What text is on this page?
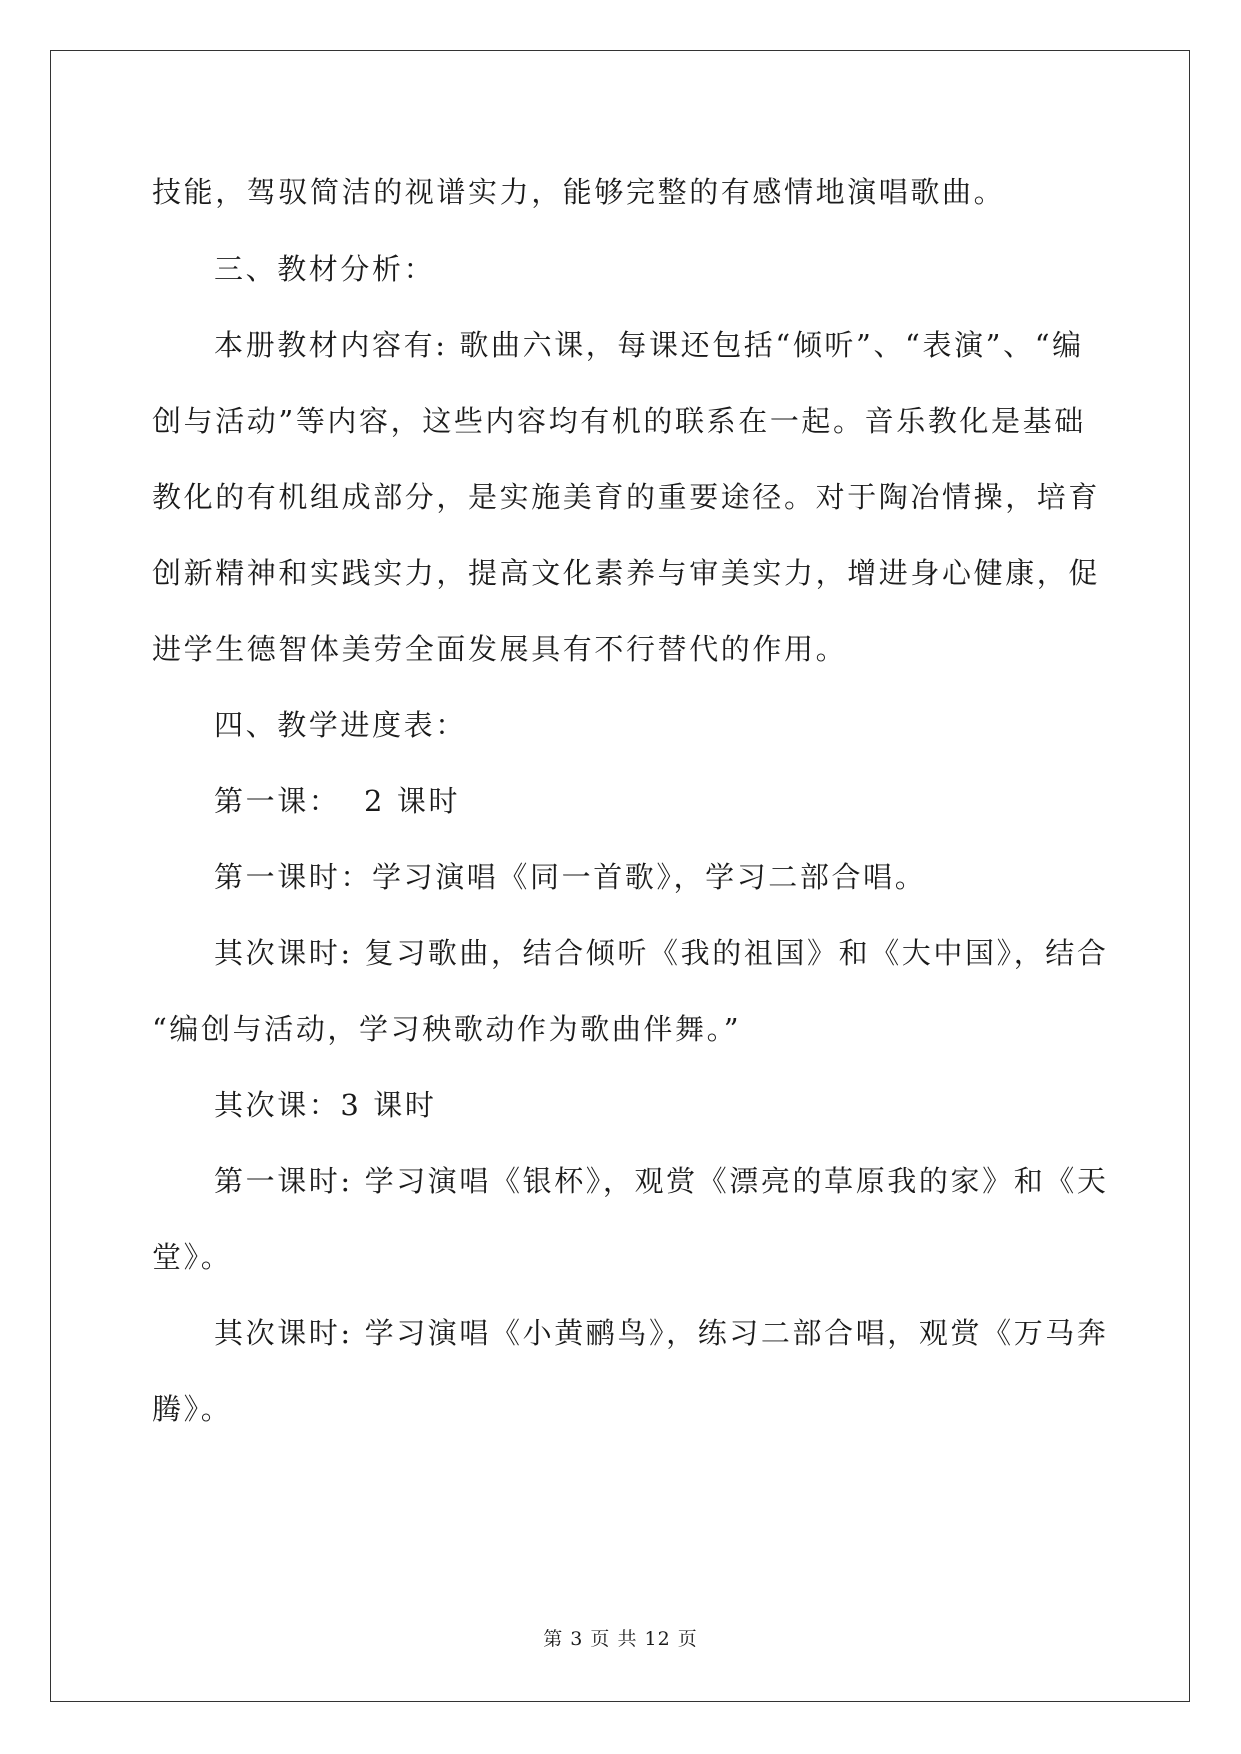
技能，驾驭简洁的视谱实力，能够完整的有感情地演唱歌曲。
三、教材分析：
本册教材内容有: 歌曲六课，每课还包括“倾听”、“表演”、“编
创与活动”等内容，这些内容均有机的联系在一起。音乐教化是基础
教化的有机组成部分，是实施美育的重要途径。对于陶冶情操，培育
创新精神和实践实力，提高文化素养与审美实力，增进身心健康，促
进学生德智体美劳全面发展具有不行替代的作用。
四、教学进度表：
第一课：  2 课时
第一课时：学习演唱《同一首歌》，学习二部合唱。
其次课时: 复习歌曲，结合倾听《我的祖国》和《大中国》，结合
“编创与活动，学习秧歌动作为歌曲伴舞。”
其次课：3 课时
第一课时: 学习演唱《银杯》，观赏《漂亮的草原我的家》和《天
堂》。
其次课时: 学习演唱《小黄鹂鸟》，练习二部合唱，观赏《万马奔
腾》。
第 3 页 共 12 页
